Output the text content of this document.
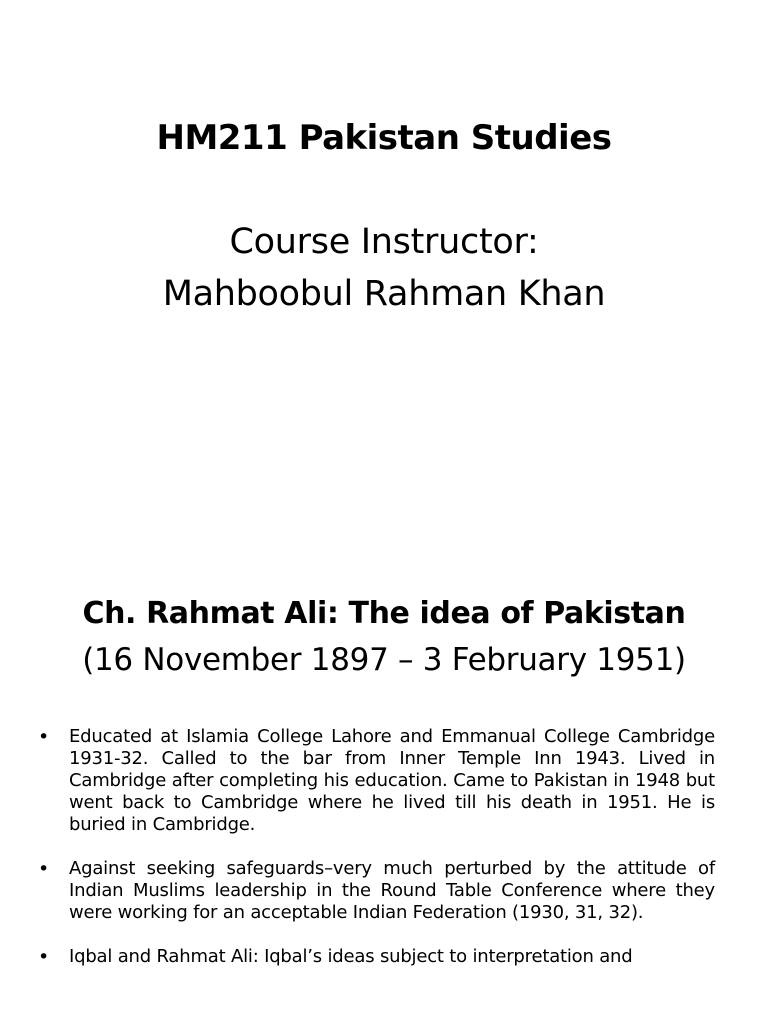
HM211 Pakistan Studies
Course Instructor:
Mahboobul Rahman Khan
Ch. Rahmat Ali: The idea of Pakistan
(16 November 1897 – 3 February 1951)
• Educated at Islamia College Lahore and Emmanual College Cambridge 1931-32. Called to the bar from Inner Temple Inn 1943. Lived in Cambridge after completing his education. Came to Pakistan in 1948 but went back to Cambridge where he lived till his death in 1951. He is buried in Cambridge.
• Against seeking safeguards–very much perturbed by the attitude of Indian Muslims leadership in the Round Table Conference where they were working for an acceptable Indian Federation (1930, 31, 32).
• Iqbal and Rahmat Ali: Iqbal’s ideas subject to interpretation and
